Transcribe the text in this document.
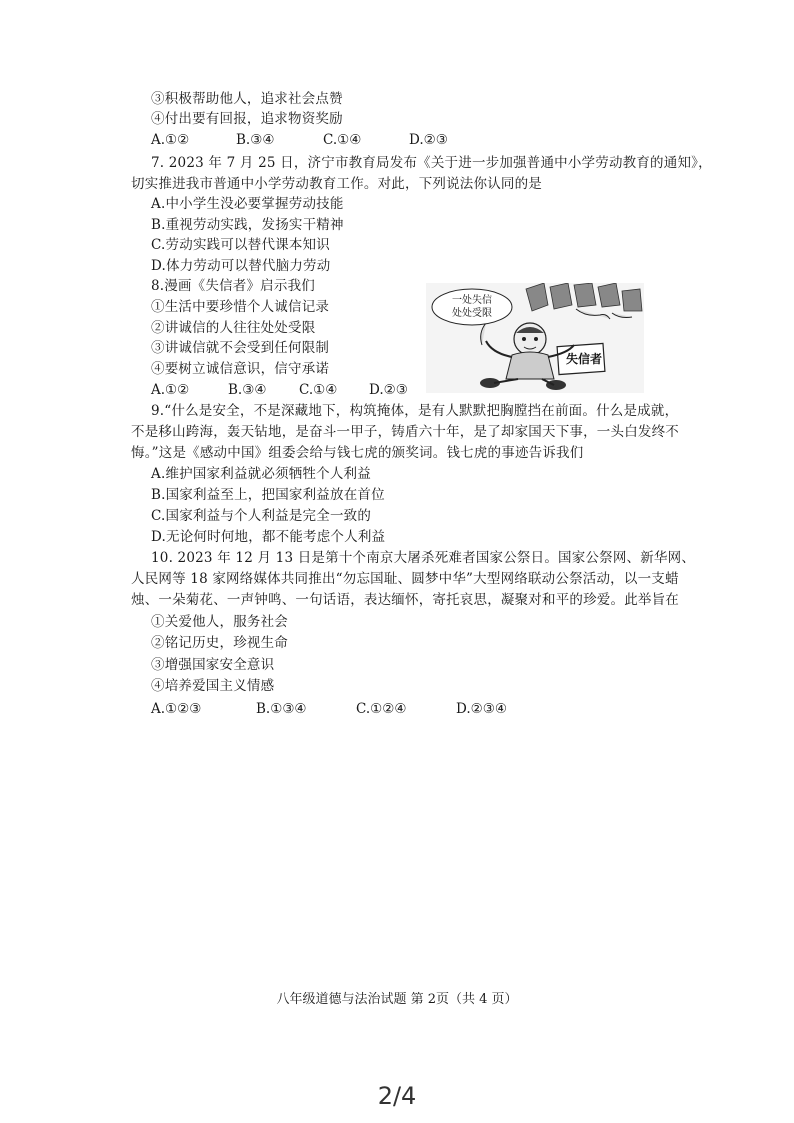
③积极帮助他人，追求社会点赞
④付出要有回报，追求物资奖励
A.①②	B.③④	C.①④	D.②③
7. 2023 年 7 月 25 日，济宁市教育局发布《关于进一步加强普通中小学劳动教育的通知》，
切实推进我市普通中小学劳动教育工作。对此，下列说法你认同的是
A.中小学生没必要掌握劳动技能
B.重视劳动实践，发扬实干精神
C.劳动实践可以替代课本知识
D.体力劳动可以替代脑力劳动
8.漫画《失信者》启示我们
①生活中要珍惜个人诚信记录
②讲诚信的人往往处处受限
③讲诚信就不会受到任何限制
④要树立诚信意识，信守承诺
A.①②	B.③④ C.①④ D.②③
一处失信
处处受限
失信者
9.“什么是安全，不是深藏地下，构筑掩体，是有人默默把胸膛挡在前面。什么是成就，
不是移山跨海，轰天钻地，是奋斗一甲子，铸盾六十年，是了却家国天下事，一头白发终不
悔。”这是《感动中国》组委会给与钱七虎的颁奖词。钱七虎的事迹告诉我们
A.维护国家利益就必须牺牲个人利益
B.国家利益至上，把国家利益放在首位
C.国家利益与个人利益是完全一致的
D.无论何时何地，都不能考虑个人利益
10. 2023 年 12 月 13 日是第十个南京大屠杀死难者国家公祭日。国家公祭网、新华网、
人民网等 18 家网络媒体共同推出“勿忘国耻、圆梦中华”大型网络联动公祭活动，以一支蜡
烛、一朵菊花、一声钟鸣、一句话语，表达缅怀，寄托哀思，凝聚对和平的珍爱。此举旨在
①关爱他人，服务社会
②铭记历史，珍视生命
③增强国家安全意识
④培养爱国主义情感
A.①②③	B.①③④	C.①②④	D.②③④
八年级道德与法治试题 第 2页（共 4 页）
2/4
